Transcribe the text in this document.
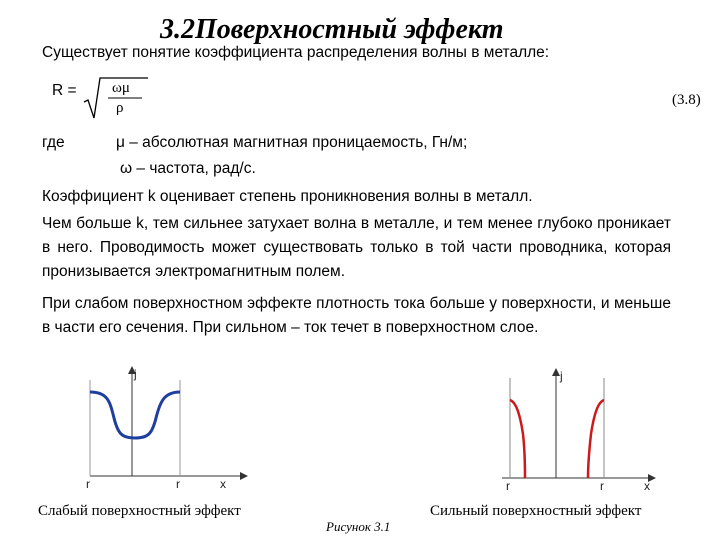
3.2Поверхностный эффект
Существует понятие коэффициента распределения волны в металле:
R = ωμ
ρ	(3.8)
где	μ – абсолютная магнитная проницаемость, Гн/м;
ω – частота, рад/с.
Коэффициент k оценивает степень проникновения волны в металл.
Чем больше k, тем сильнее затухает волна в металле, и тем менее глубоко проникает в него. Проводимость может существовать только в той части проводника, которая пронизывается электромагнитным полем.
При слабом поверхностном эффекте плотность тока больше у поверхности, и меньше в части его сечения. При сильном – ток течет в поверхностном слое.
j
x
r	r
j
x
r	r
Слабый поверхностный эффект	Сильный поверхностный эффект
Рисунок 3.1
